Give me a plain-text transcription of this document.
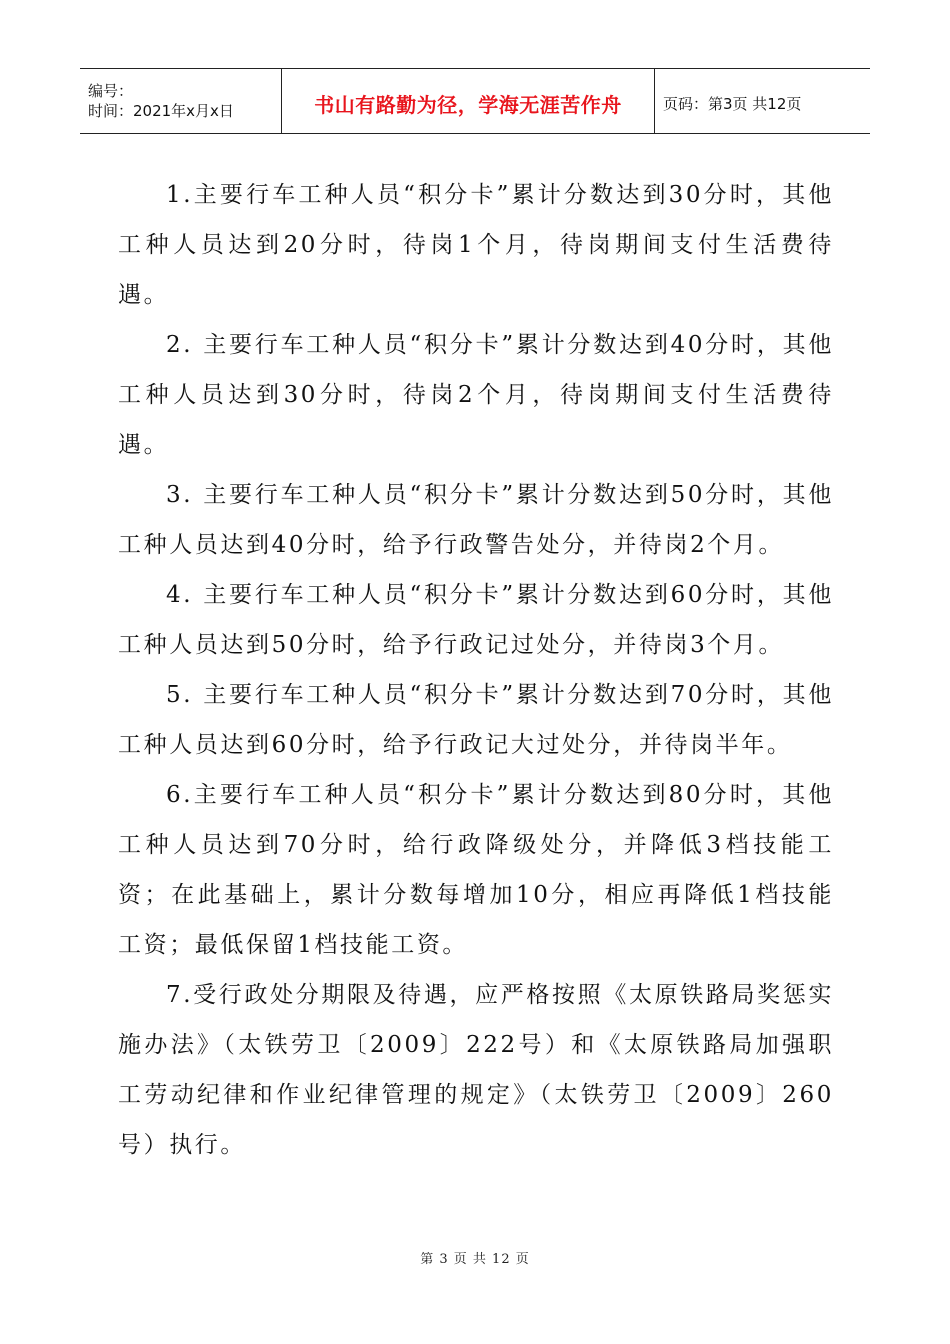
编号：
时间：2021年x月x日	书山有路勤为径，学海无涯苦作舟	页码：第3页 共12页

1.主要行车工种人员“积分卡”累计分数达到30分时，其他工种人员达到20分时，待岗1个月，待岗期间支付生活费待遇。

2. 主要行车工种人员“积分卡”累计分数达到40分时，其他工种人员达到30分时，待岗2个月，待岗期间支付生活费待遇。

3. 主要行车工种人员“积分卡”累计分数达到50分时，其他工种人员达到40分时，给予行政警告处分，并待岗2个月。

4. 主要行车工种人员“积分卡”累计分数达到60分时，其他工种人员达到50分时，给予行政记过处分，并待岗3个月。

5. 主要行车工种人员“积分卡”累计分数达到70分时，其他工种人员达到60分时，给予行政记大过处分，并待岗半年。

6.主要行车工种人员“积分卡”累计分数达到80分时，其他工种人员达到70分时，给行政降级处分，并降低3档技能工资；在此基础上，累计分数每增加10分，相应再降低1档技能工资；最低保留1档技能工资。

7.受行政处分期限及待遇，应严格按照《太原铁路局奖惩实施办法》（太铁劳卫〔2009〕222号）和《太原铁路局加强职工劳动纪律和作业纪律管理的规定》（太铁劳卫〔2009〕260号）执行。

第 3 页 共 12 页
